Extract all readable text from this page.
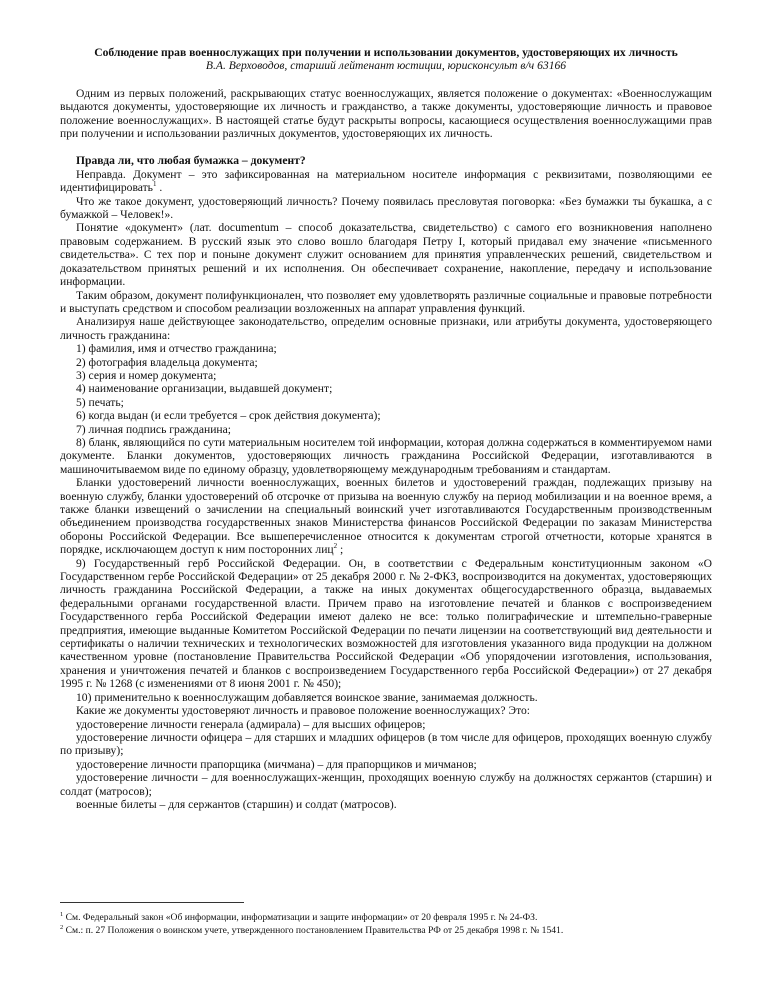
Соблюдение прав военнослужащих при получении и использовании документов, удостоверяющих их личность

В.А. Верховодов, старший лейтенант юстиции, юрисконсульт в/ч 63166

Одним из первых положений, раскрывающих статус военнослужащих, является положение о документах: «Военнослужащим выдаются документы, удостоверяющие их личность и гражданство, а также документы, удостоверяющие личность и правовое положение военнослужащих». В настоящей статье будут раскрыты вопросы, касающиеся осуществления военнослужащими прав при получении и использовании различных документов, удостоверяющих их личность.

Правда ли, что любая бумажка – документ?

Неправда. Документ – это зафиксированная на материальном носителе информация с реквизитами, позволяющими ее идентифицировать$^1$ .

Что же такое документ, удостоверяющий личность? Почему появилась пресловутая поговорка: «Без бумажки ты букашка, а с бумажкой – Человек!».

Понятие «документ» (лат. documentum – способ доказательства, свидетельство) с самого его возникновения наполнено правовым содержанием. В русский язык это слово вошло благодаря Петру I, который придавал ему значение «письменного свидетельства». С тех пор и поныне документ служит основанием для принятия управленческих решений, свидетельством и доказательством принятых решений и их исполнения. Он обеспечивает сохранение, накопление, передачу и использование информации.

Таким образом, документ полифункционален, что позволяет ему удовлетворять различные социальные и правовые потребности и выступать средством и способом реализации возложенных на аппарат управления функций.

Анализируя наше действующее законодательство, определим основные признаки, или атрибуты документа, удостоверяющего личность гражданина:

1) фамилия, имя и отчество гражданина;

2) фотография владельца документа;

3) серия и номер документа;

4) наименование организации, выдавшей документ;

5) печать;

6) когда выдан (и если требуется – срок действия документа);

7) личная подпись гражданина;

8) бланк, являющийся по сути материальным носителем той информации, которая должна содержаться в комментируемом нами документе. Бланки документов, удостоверяющих личность гражданина Российской Федерации, изготавливаются в машиночитываемом виде по единому образцу, удовлетворяющему международным требованиям и стандартам.

Бланки удостоверений личности военнослужащих, военных билетов и удостоверений граждан, подлежащих призыву на военную службу, бланки удостоверений об отсрочке от призыва на военную службу на период мобилизации и на военное время, а также бланки извещений о зачислении на специальный воинский учет изготавливаются Государственным производственным объединением производства государственных знаков Министерства финансов Российской Федерации по заказам Министерства обороны Российской Федерации. Все вышеперечисленное относится к документам строгой отчетности, которые хранятся в порядке, исключающем доступ к ним посторонних лиц$^2$ ;

9) Государственный герб Российской Федерации. Он, в соответствии с Федеральным конституционным законом «О Государственном гербе Российской Федерации» от 25 декабря 2000 г. № 2-ФКЗ, воспроизводится на документах, удостоверяющих личность гражданина Российской Федерации, а также на иных документах общегосударственного образца, выдаваемых федеральными органами государственной власти. Причем право на изготовление печатей и бланков с воспроизведением Государственного герба Российской Федерации имеют далеко не все: только полиграфические и штемпельно-граверные предприятия, имеющие выданные Комитетом Российской Федерации по печати лицензии на соответствующий вид деятельности и сертификаты о наличии технических и технологических возможностей для изготовления указанного вида продукции на должном качественном уровне (постановление Правительства Российской Федерации «Об упорядочении изготовления, использования, хранения и уничтожения печатей и бланков с воспроизведением Государственного герба Российской Федерации») от 27 декабря 1995 г. № 1268 (с изменениями от 8 июня 2001 г. № 450);

10) применительно к военнослужащим добавляется воинское звание, занимаемая должность.

Какие же документы удостоверяют личность и правовое положение военнослужащих? Это:

удостоверение личности генерала (адмирала) – для высших офицеров;

удостоверение личности офицера – для старших и младших офицеров (в том числе для офицеров, проходящих военную службу по призыву);

удостоверение личности прапорщика (мичмана) – для прапорщиков и мичманов;

удостоверение личности – для военнослужащих-женщин, проходящих военную службу на должностях сержантов (старшин) и солдат (матросов);

военные билеты – для сержантов (старшин) и солдат (матросов).

$^1$ См. Федеральный закон «Об информации, информатизации и защите информации» от 20 февраля 1995 г. № 24-ФЗ.
$^2$ См.: п. 27 Положения о воинском учете, утвержденного постановлением Правительства РФ от 25 декабря 1998 г. № 1541.
